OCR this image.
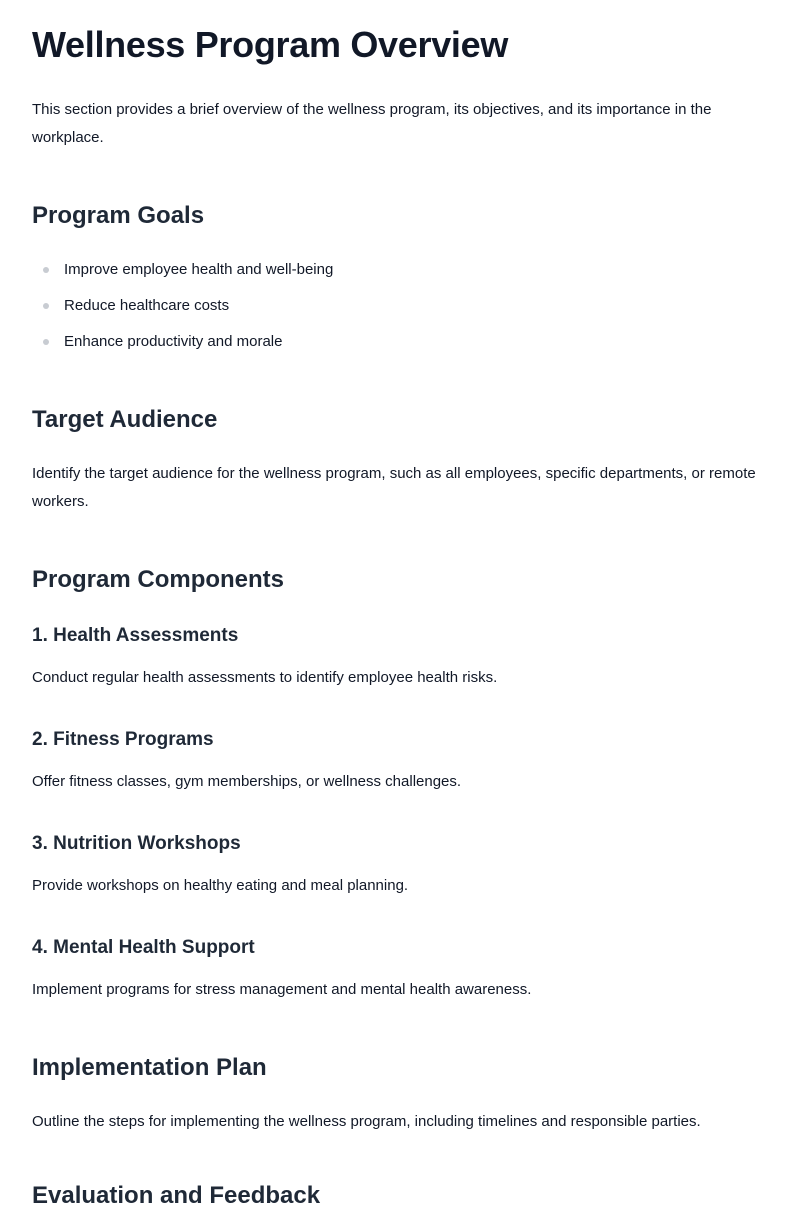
Wellness Program Overview

This section provides a brief overview of the wellness program, its objectives, and its importance in the workplace.

Program Goals
Improve employee health and well-being
Reduce healthcare costs
Enhance productivity and morale
Target Audience

Identify the target audience for the wellness program, such as all employees, specific departments, or remote workers.

Program Components
1. Health Assessments

Conduct regular health assessments to identify employee health risks.

2. Fitness Programs

Offer fitness classes, gym memberships, or wellness challenges.

3. Nutrition Workshops

Provide workshops on healthy eating and meal planning.

4. Mental Health Support

Implement programs for stress management and mental health awareness.

Implementation Plan

Outline the steps for implementing the wellness program, including timelines and responsible parties.

Evaluation and Feedback
